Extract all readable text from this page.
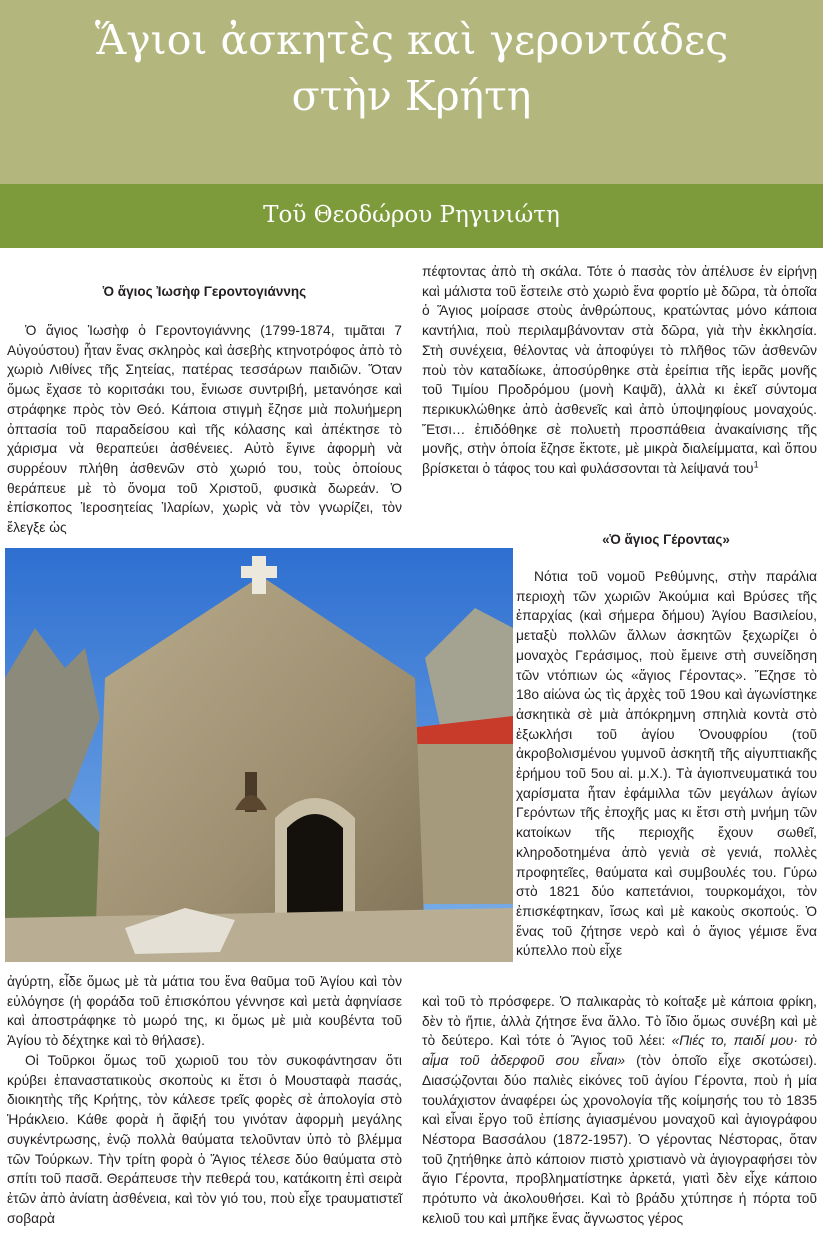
Ἅγιοι ἀσκητὲς καὶ γεροντάδες
στὴν Κρήτη
Τοῦ Θεοδώρου Ρηγινιώτη
Ὁ ἅγιος Ἰωσὴφ Γεροντογιάννης

Ὁ ἅγιος Ἰωσὴφ ὁ Γεροντογιάννης (1799-1874, τιμᾶται 7 Αὐγούστου) ἦταν ἕνας σκληρὸς καὶ ἀσεβὴς κτηνοτρόφος ἀπὸ τὸ χωριὸ Λιθίνες τῆς Σητείας, πατέρας τεσσάρων παιδιῶν. Ὅταν ὅμως ἔχασε τὸ κοριτσάκι του, ἔνιωσε συντριβή, μετανόησε καὶ στράφηκε πρὸς τὸν Θεό. Κάποια στιγμὴ ἔζησε μιὰ πολυήμερη ὀπτασία τοῦ παραδείσου καὶ τῆς κόλασης καὶ ἀπέκτησε τὸ χάρισμα νὰ θεραπεύει ἀσθένειες. Αὐτὸ ἔγινε ἀφορμὴ νὰ συρρέουν πλήθη ἀσθενῶν στὸ χωριό του, τοὺς ὁποίους θεράπευε μὲ τὸ ὄνομα τοῦ Χριστοῦ, φυσικὰ δωρεάν. Ὁ ἐπίσκοπος Ἱεροσητείας Ἱλαρίων, χωρὶς νὰ τὸν γνωρίζει, τὸν ἔλεγξε ὡς

ἀγύρτη, εἶδε ὅμως μὲ τὰ μάτια του ἕνα θαῦμα τοῦ Ἁγίου καὶ τὸν εὐλόγησε (ἡ φοράδα τοῦ ἐπισκόπου γέννησε καὶ μετὰ ἀφηνίασε καὶ ἀποστράφηκε τὸ μωρό της, κι ὅμως μὲ μιὰ κουβέντα τοῦ Ἁγίου τὸ δέχτηκε καὶ τὸ θήλασε).

Οἱ Τοῦρκοι ὅμως τοῦ χωριοῦ του τὸν συκοφάντησαν ὅτι κρύβει ἐπαναστατικοὺς σκοποὺς κι ἔτσι ὁ Μουσταφὰ πασάς, διοικητὴς τῆς Κρήτης, τὸν κάλεσε τρεῖς φορὲς σὲ ἀπολογία στὸ Ἡράκλειο. Κάθε φορὰ ἡ ἄφιξή του γινόταν ἀφορμὴ μεγάλης συγκέντρωσης, ἐνῷ πολλὰ θαύματα τελοῦνταν ὑπὸ τὸ βλέμμα τῶν Τούρκων. Τὴν τρίτη φορὰ ὁ Ἅγιος τέλεσε δύο θαύματα στὸ σπίτι τοῦ πασᾶ. Θεράπευσε τὴν πεθερά του, κατάκοιτη ἐπὶ σειρὰ ἐτῶν ἀπὸ ἀνίατη ἀσθένεια, καὶ τὸν γιό του, ποὺ εἶχε τραυματιστεῖ σοβαρὰ

πέφτοντας ἀπὸ τὴ σκάλα. Τότε ὁ πασὰς τὸν ἀπέλυσε ἐν εἰρήνῃ καὶ μάλιστα τοῦ ἔστειλε στὸ χωριὸ ἕνα φορτίο μὲ δῶρα, τὰ ὁποῖα ὁ Ἅγιος μοίρασε στοὺς ἀνθρώπους, κρατώντας μόνο κάποια καντήλια, ποὺ περιλαμβάνονταν στὰ δῶρα, γιὰ τὴν ἐκκλησία. Στὴ συνέχεια, θέλοντας νὰ ἀποφύγει τὸ πλῆθος τῶν ἀσθενῶν ποὺ τὸν καταδίωκε, ἀποσύρθηκε στὰ ἐρείπια τῆς ἱερᾶς μονῆς τοῦ Τιμίου Προδρόμου (μονὴ Καψᾶ), ἀλλὰ κι ἐκεῖ σύντομα περικυκλώθηκε ἀπὸ ἀσθενεῖς καὶ ἀπὸ ὑποψηφίους μοναχούς. Ἔτσι… ἐπιδόθηκε σὲ πολυετὴ προσπάθεια ἀνακαίνισης τῆς μονῆς, στὴν ὁποία ἔζησε ἔκτοτε, μὲ μικρὰ διαλείμματα, καὶ ὅπου βρίσκεται ὁ τάφος του καὶ φυλάσσονται τὰ λείψανά του$^1$

«Ὁ ἅγιος Γέροντας»

Νότια τοῦ νομοῦ Ρεθύμνης, στὴν παράλια περιοχὴ τῶν χωριῶν Ἀκούμια καὶ Βρύσες τῆς ἐπαρχίας (καὶ σήμερα δήμου) Ἁγίου Βασιλείου, μεταξὺ πολλῶν ἄλλων ἀσκητῶν ξεχωρίζει ὁ μοναχὸς Γεράσιμος, ποὺ ἔμεινε στὴ συνείδηση τῶν ντόπιων ὡς «ἅγιος Γέροντας». Ἔζησε τὸ 18ο αἰώνα ὡς τὶς ἀρχὲς τοῦ 19ου καὶ ἀγωνίστηκε ἀσκητικὰ σὲ μιὰ ἀπόκρημνη σπηλιὰ κοντὰ στὸ ἐξωκλήσι τοῦ ἁγίου Ὀνουφρίου (τοῦ ἀκροβολισμένου γυμνοῦ ἀσκητῆ τῆς αἰγυπτιακῆς ἐρήμου τοῦ 5ου αἰ. μ.Χ.). Τὰ ἁγιοπνευματικά του χαρίσματα ἦταν ἐφάμιλλα τῶν μεγάλων ἁγίων Γερόντων τῆς ἐποχῆς μας κι ἔτσι στὴ μνήμη τῶν κατοίκων τῆς περιοχῆς ἔχουν σωθεῖ, κληροδοτημένα ἀπὸ γενιὰ σὲ γενιά, πολλὲς προφητεῖες, θαύματα καὶ συμβουλές του. Γύρω στὸ 1821 δύο καπετάνιοι, τουρκομάχοι, τὸν ἐπισκέφτηκαν, ἴσως καὶ μὲ κακοὺς σκοπούς. Ὁ ἕνας τοῦ ζήτησε νερὸ καὶ ὁ ἅγιος γέμισε ἕνα κύπελλο ποὺ εἶχε

καὶ τοῦ τὸ πρόσφερε. Ὁ παλικαρὰς τὸ κοίταξε μὲ κάποια φρίκη, δὲν τὸ ἤπιε, ἀλλὰ ζήτησε ἕνα ἄλλο. Τὸ ἴδιο ὅμως συνέβη καὶ μὲ τὸ δεύτερο. Καὶ τότε ὁ Ἅγιος τοῦ λέει: «Πιές το, παιδί μου· τὸ αἷμα τοῦ ἀδερφοῦ σου εἶναι» (τὸν ὁποῖο εἶχε σκοτώσει). Διασῴζονται δύο παλιὲς εἰκόνες τοῦ ἁγίου Γέροντα, ποὺ ἡ μία τουλάχιστον ἀναφέρει ὡς χρονολογία τῆς κοίμησής του τὸ 1835 καὶ εἶναι ἔργο τοῦ ἐπίσης ἁγιασμένου μοναχοῦ καὶ ἁγιογράφου Νέστορα Βασσάλου (1872-1957). Ὁ γέροντας Νέστορας, ὅταν τοῦ ζητήθηκε ἀπὸ κάποιον πιστὸ χριστιανὸ νὰ ἁγιογραφήσει τὸν ἅγιο Γέροντα, προβληματίστηκε ἀρκετά, γιατὶ δὲν εἶχε κάποιο πρότυπο νὰ ἀκολουθήσει. Καὶ τὸ βράδυ χτύπησε ἡ πόρτα τοῦ κελιοῦ του καὶ μπῆκε ἕνας ἄγνωστος γέρος
